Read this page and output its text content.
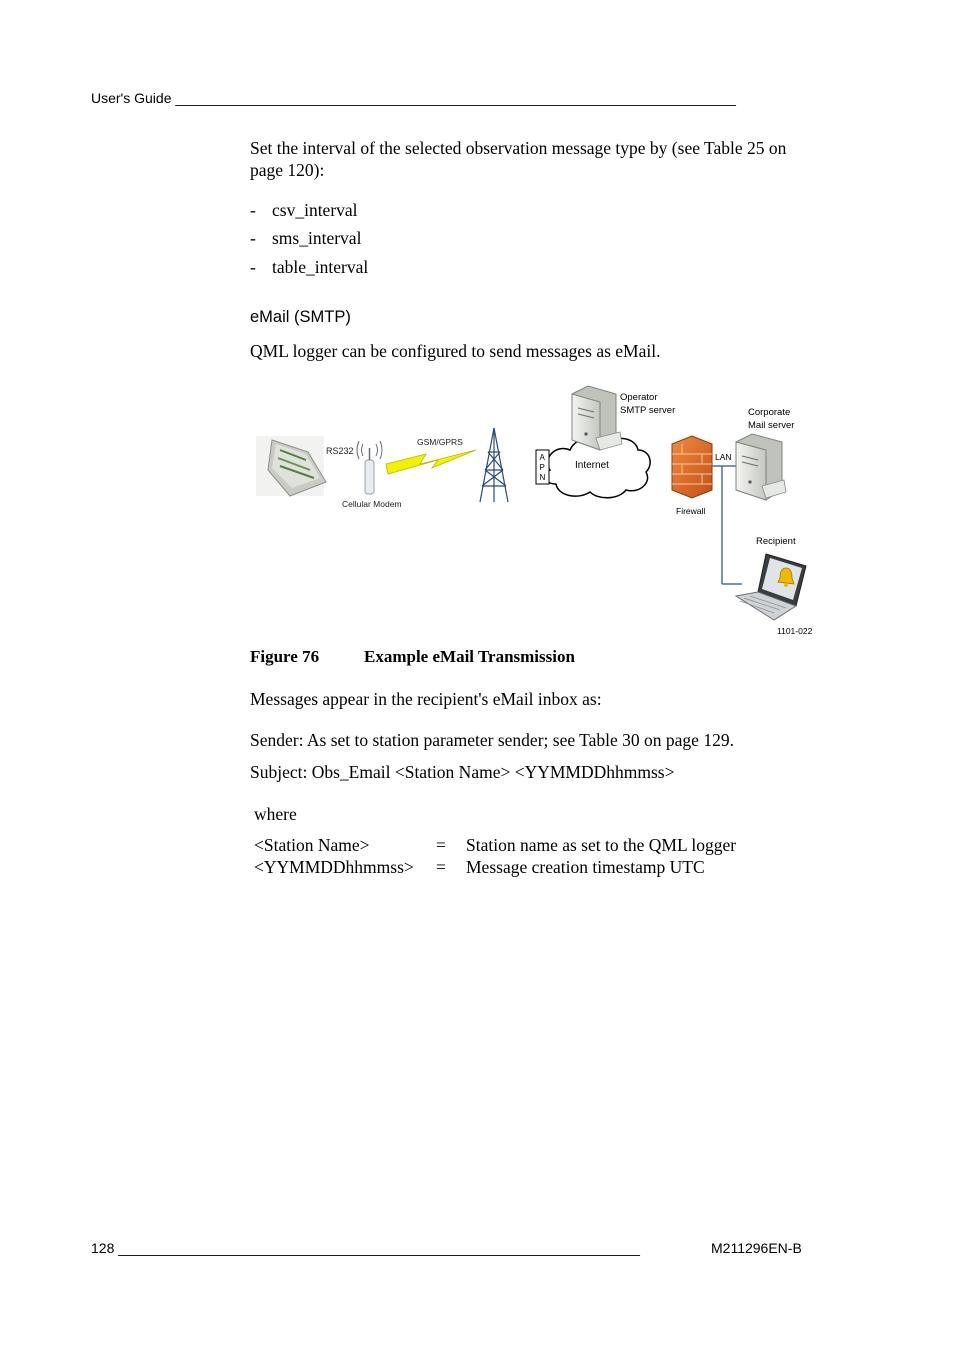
User's Guide ________________________________________________________________________
Set the interval of the selected observation message type by (see Table 25 on page 120):
- csv_interval
- sms_interval
- table_interval
eMail (SMTP)
QML logger can be configured to send messages as eMail.
RS232
Cellular Modem
GSM/GPRS
Internet
A
P
N
Operator
SMTP server
Firewall
LAN
Corporate
Mail server
Recipient
1101-022
Figure 76	Example eMail Transmission
Messages appear in the recipient's eMail inbox as:
Sender: As set to station parameter sender; see Table 30 on page 129.
Subject: Obs_Email <Station Name> <YYMMDDhhmmss>
where
<Station Name>	= Station name as set to the QML logger
<YYMMDDhhmmss> = Message creation timestamp UTC
128 ___________________________________________________________________	M211296EN-B
